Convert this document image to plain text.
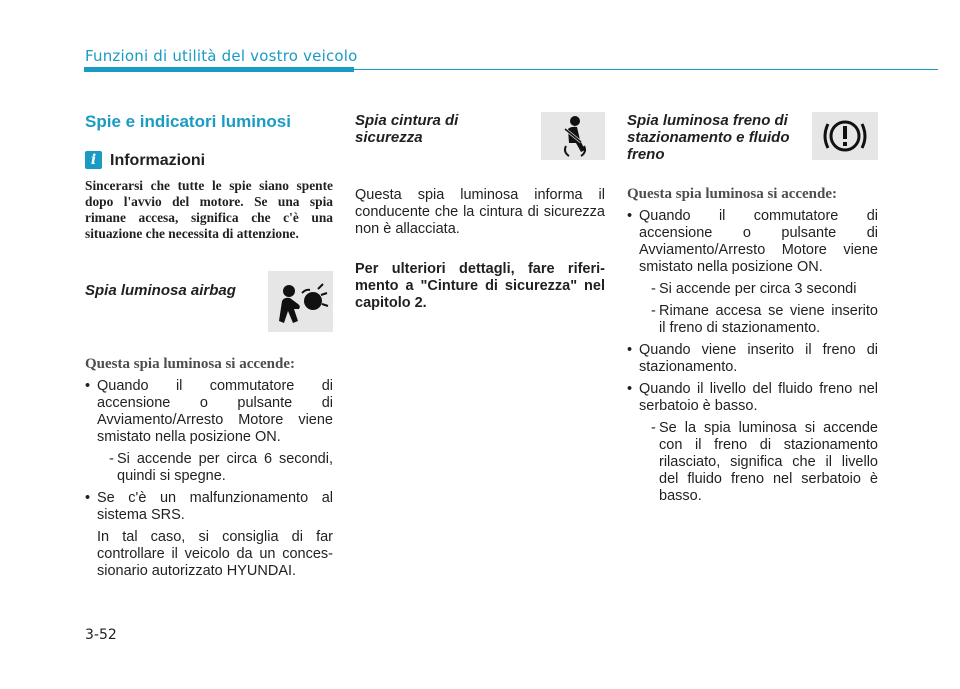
Funzioni di utilità del vostro veicolo
Spie e indicatori luminosi
i Informazioni
Sincerarsi che tutte le spie siano spente dopo l'avvio del motore. Se una spia rimane accesa, significa che c'è una situazione che necessita di attenzione.
Spia luminosa airbag
Questa spia luminosa si accende:
• Quando il commutatore di accensione o pulsante di Avviamento/Arresto Motore viene smistato nella posizione ON.
- Si accende per circa 6 secondi, quindi si spegne.
• Se c'è un malfunzionamento al sistema SRS.
In tal caso, si consiglia di far controllare il veicolo da un conces- sionario autorizzato HYUNDAI.
Spia cintura di sicurezza

Questa spia luminosa informa il conducente che la cintura di sicurezza non è allacciata.

Per ulteriori dettagli, fare riferi- mento a "Cinture di sicurezza" nel capitolo 2.

Spia luminosa freno di stazionamento e fluido freno
Questa spia luminosa si accende:
• Quando il commutatore di accensione o pulsante di Avviamento/Arresto Motore viene smistato nella posizione ON.
- Si accende per circa 3 secondi
- Rimane accesa se viene inserito il freno di stazionamento.
• Quando viene inserito il freno di stazionamento.
• Quando il livello del fluido freno nel serbatoio è basso.
- Se la spia luminosa si accende con il freno di stazionamento rilasciato, significa che il livello del fluido freno nel serbatoio è basso.
3-52
